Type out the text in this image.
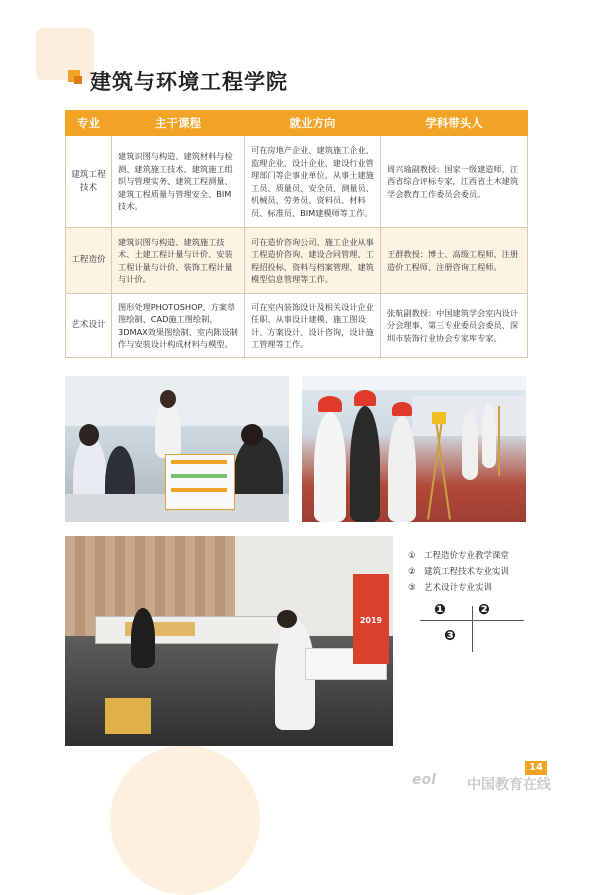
建筑与环境工程学院
专业	主干课程	就业方向	学科带头人
建筑工程技术	建筑识图与构造、建筑材料与检测、建筑施工技术、建筑施工组织与管理实务、建筑工程测量、建筑工程质量与管理安全、BIM技术。	可在房地产企业、建筑施工企业、监理企业、设计企业、建设行业管理部门等企事业单位，从事土建施工员、质量员、安全员、测量员、机械员、劳务员、资料员、材料员、标准员、BIM建模师等工作。	周兴瑜副教授：国家一级建造师，江西省综合评标专家，江西省土木建筑学会教育工作委员会委员。
工程造价	建筑识图与构造、建筑施工技术、土建工程计量与计价、安装工程计量与计价、装饰工程计量与计价。	可在造价咨询公司、施工企业从事工程造价咨询、建设合同管理、工程招投标、资料与档案管理、建筑模型信息管理等工作。	王群教授：博士、高级工程师、注册造价工程师、注册咨询工程师。
艺术设计	图形处理PHOTOSHOP、方案草图绘制、CAD施工图绘制、3DMAX效果图绘制、室内陈设制作与安装设计构成材料与模型。	可在室内装饰设计及相关设计企业任职、从事设计建模、施工图设计、方案设计、设计咨询，设计施工管理等工作。	张航副教授：中国建筑学会室内设计分会理事、第三专业委员会委员、深圳市装饰行业协会专家库专家。
2019
① 工程造价专业教学课堂
② 建筑工程技术专业实训
③ 艺术设计专业实训
❶ ❷
❸
14
eol 中国教育在线
